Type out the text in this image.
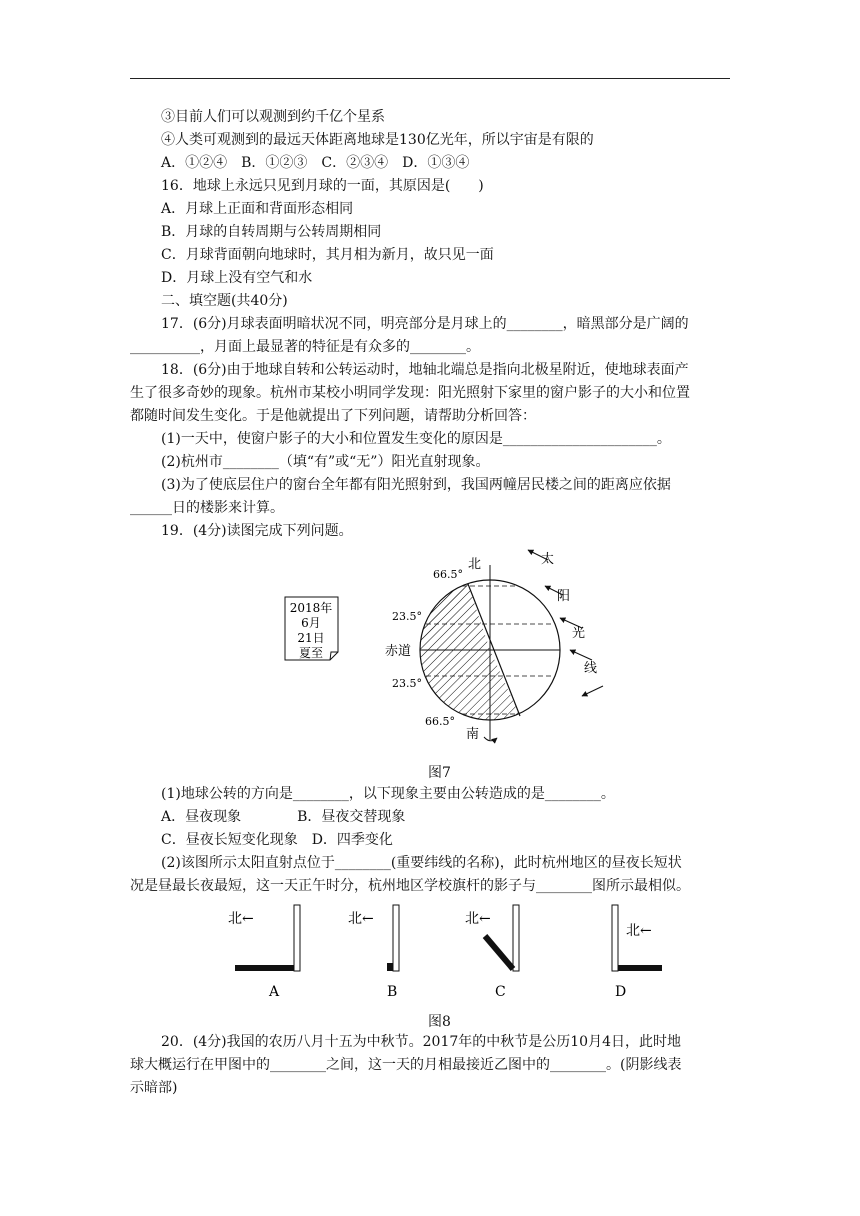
③目前人们可以观测到约千亿个星系
④人类可观测到的最远天体距离地球是130亿光年，所以宇宙是有限的
A．①②④　B．①②③　C．②③④　D．①③④
16．地球上永远只见到月球的一面，其原因是(　　)
A．月球上正面和背面形态相同
B．月球的自转周期与公转周期相同
C．月球背面朝向地球时，其月相为新月，故只见一面
D．月球上没有空气和水
二、填空题(共40分)
17．(6分)月球表面明暗状况不同，明亮部分是月球上的________，暗黑部分是广阔的
__________，月面上最显著的特征是有众多的________。
18．(6分)由于地球自转和公转运动时，地轴北端总是指向北极星附近，使地球表面产
生了很多奇妙的现象。杭州市某校小明同学发现：阳光照射下家里的窗户影子的大小和位置
都随时间发生变化。于是他就提出了下列问题，请帮助分析回答：
(1)一天中，使窗户影子的大小和位置发生变化的原因是______________________。
(2)杭州市________（填“有”或“无”）阳光直射现象。
(3)为了使底层住户的窗台全年都有阳光照射到，我国两幢居民楼之间的距离应依据
______日的楼影来计算。
19．(4分)读图完成下列问题。
2018年
6月
21日
夏至
北
南
赤道
66.5°
23.5°
23.5°
66.5°
太
阳
光
线
图7
(1)地球公转的方向是________，以下现象主要由公转造成的是________。
A．昼夜现象　　　　B．昼夜交替现象
C．昼夜长短变化现象　D．四季变化
(2)该图所示太阳直射点位于________(重要纬线的名称)，此时杭州地区的昼夜长短状
况是昼最长夜最短，这一天正午时分，杭州地区学校旗杆的影子与________图所示最相似。
北←	北←	北←
北←
A	B	C	D
图8
20．(4分)我国的农历八月十五为中秋节。2017年的中秋节是公历10月4日，此时地
球大概运行在甲图中的________之间，这一天的月相最接近乙图中的________。(阴影线表
示暗部)
